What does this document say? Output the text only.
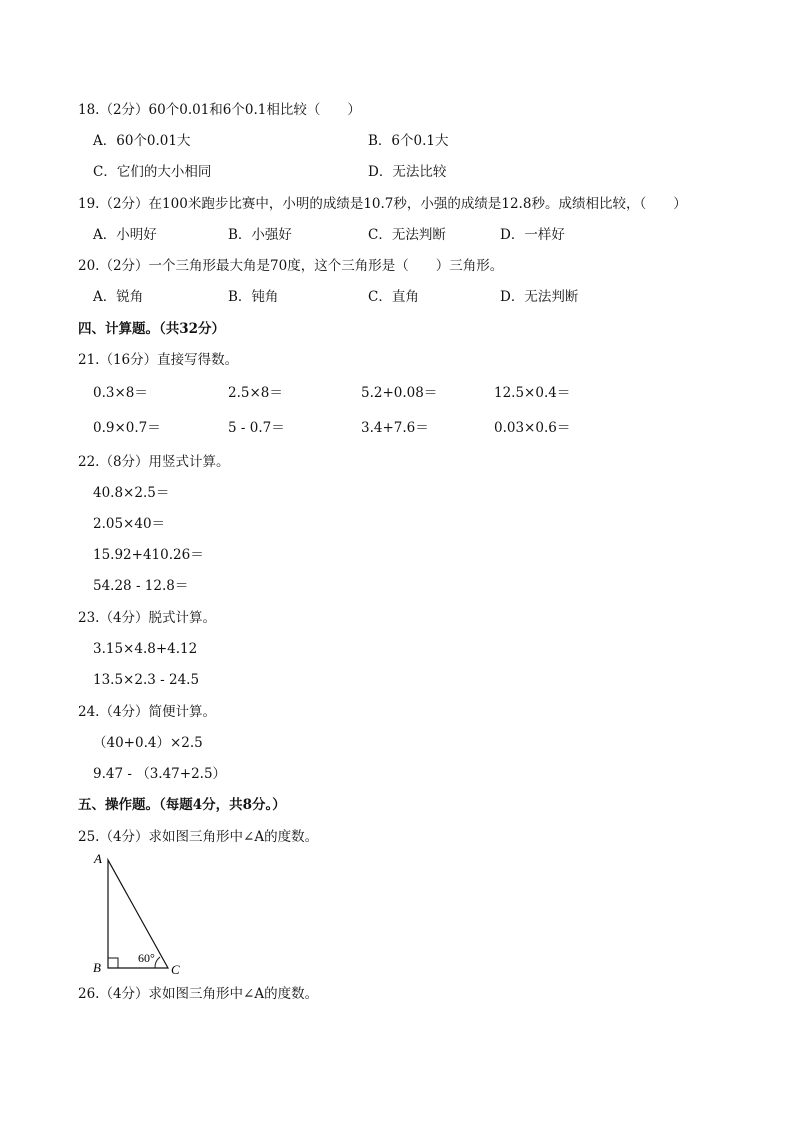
18.（2分）60个0.01和6个0.1相比较（　　）
A．60个0.01大	B．6个0.1大
C．它们的大小相同	D．无法比较
19.（2分）在100米跑步比赛中，小明的成绩是10.7秒，小强的成绩是12.8秒。成绩相比较，（　　）
A．小明好	B．小强好	C．无法判断	D．一样好
20.（2分）一个三角形最大角是70度，这个三角形是（　　）三角形。
A．锐角	B．钝角	C．直角	D．无法判断
四、计算题。（共32分）
21.（16分）直接写得数。
0.3×8＝	2.5×8＝	5.2+0.08＝	12.5×0.4＝
0.9×0.7＝	5 - 0.7＝	3.4+7.6＝	0.03×0.6＝
22.（8分）用竖式计算。
40.8×2.5＝
2.05×40＝
15.92+410.26＝
54.28 - 12.8＝
23.（4分）脱式计算。
3.15×4.8+4.12
13.5×2.3 - 24.5
24.（4分）简便计算。
（40+0.4）×2.5
9.47 - （3.47+2.5）
五、操作题。（每题4分，共8分。）
25.（4分）求如图三角形中∠A的度数。
A
B	C
60°
26.（4分）求如图三角形中∠A的度数。
